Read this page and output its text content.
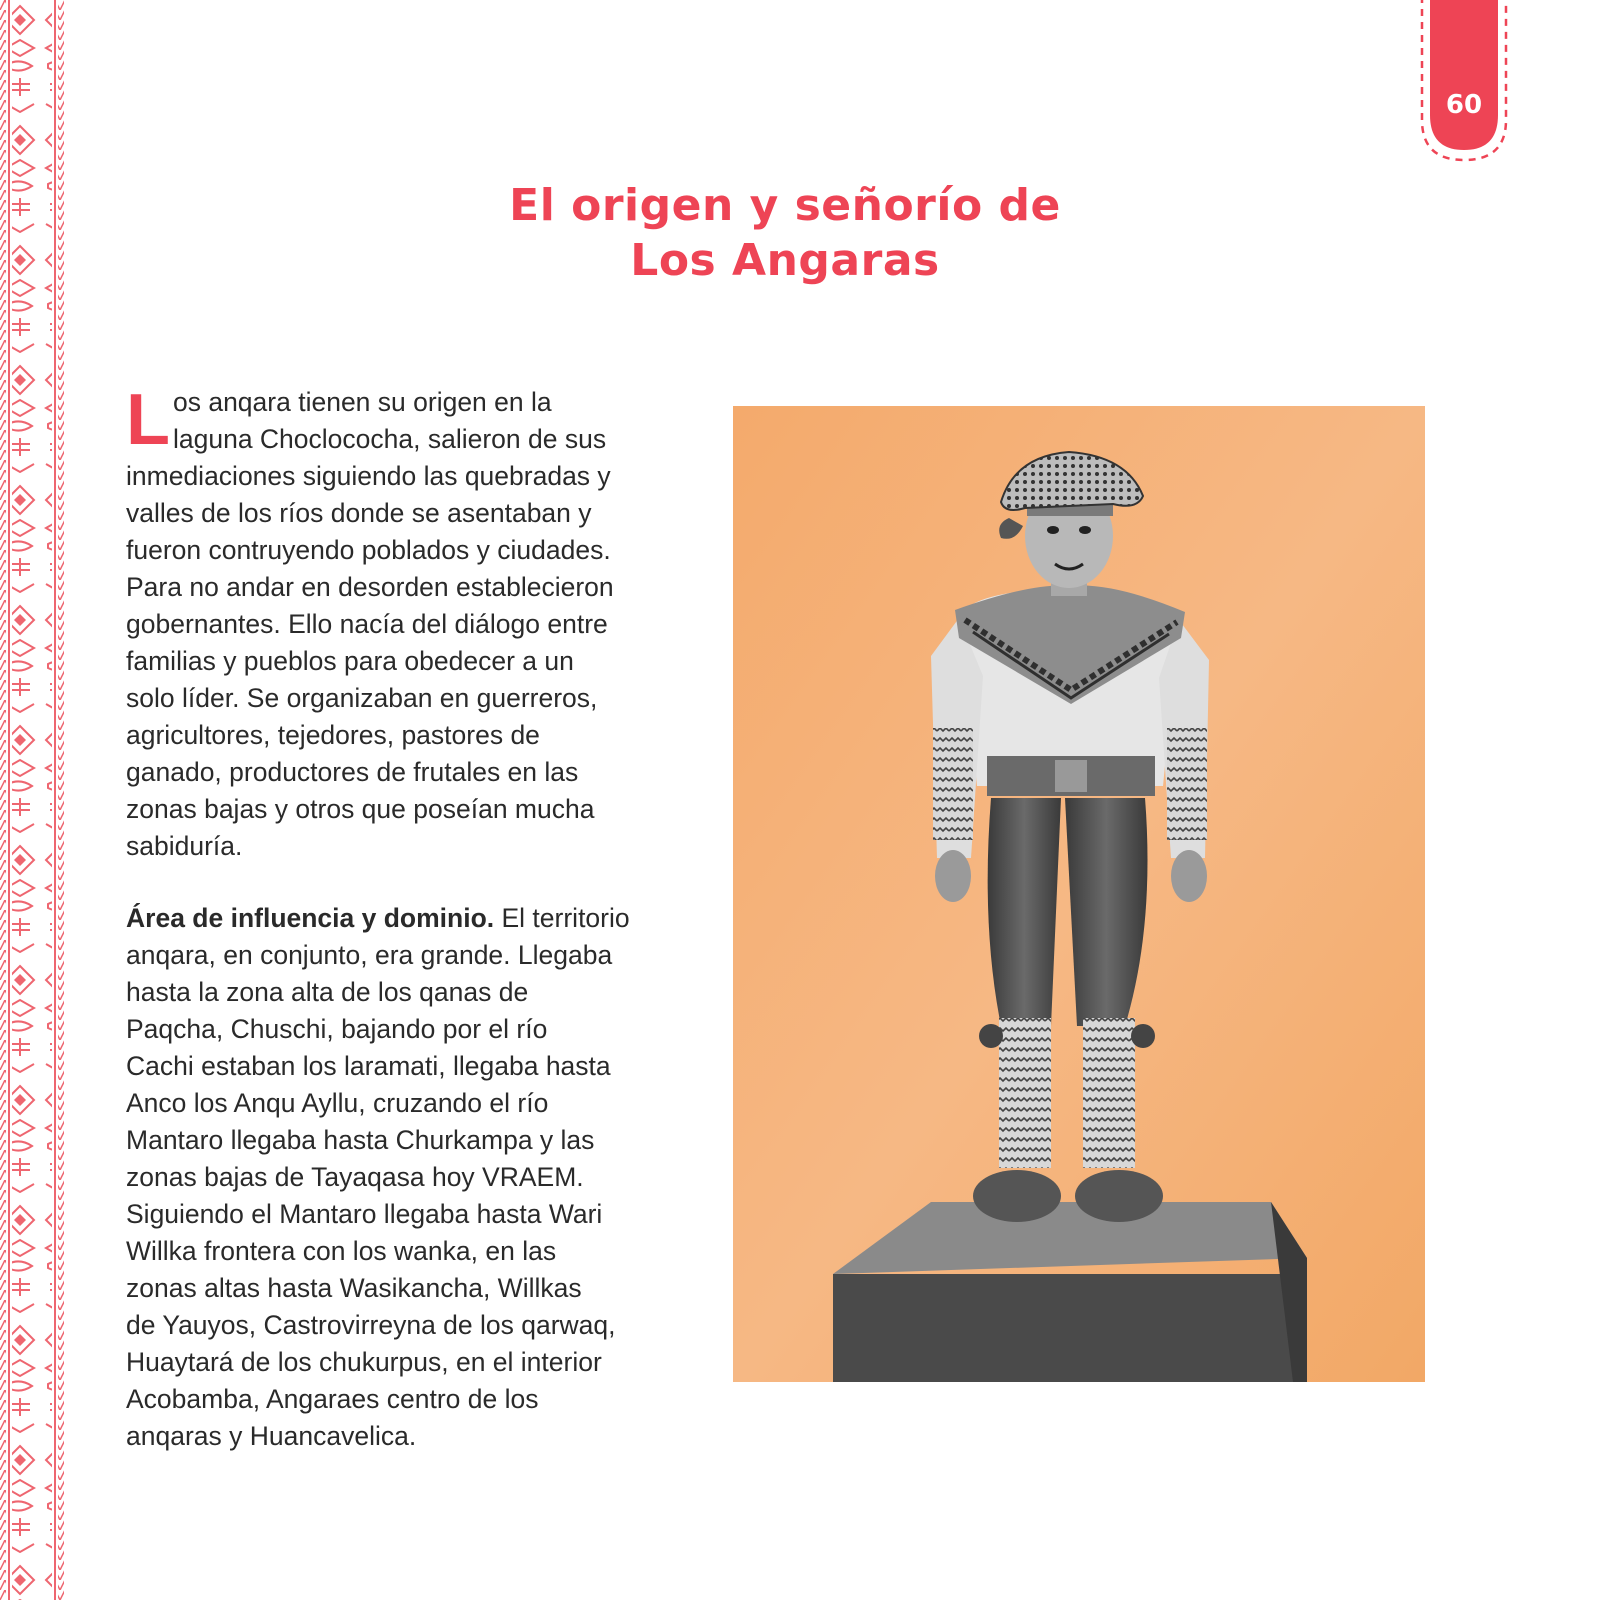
60
El origen y señorío de
Los Angaras
L os anqara tienen su origen en la
laguna Choclococha, salieron de sus
inmediaciones siguiendo las quebradas y
valles de los ríos donde se asentaban y
fueron contruyendo poblados y ciudades.
Para no andar en desorden establecieron
gobernantes. Ello nacía del diálogo entre
familias y pueblos para obedecer a un
solo líder. Se organizaban en guerreros,
agricultores, tejedores, pastores de
ganado, productores de frutales en las
zonas bajas y otros que poseían mucha
sabiduría.
Área de influencia y dominio. El territorio
anqara, en conjunto, era grande. Llegaba
hasta la zona alta de los qanas de
Paqcha, Chuschi, bajando por el río
Cachi estaban los laramati, llegaba hasta
Anco los Anqu Ayllu, cruzando el río
Mantaro llegaba hasta Churkampa y las
zonas bajas de Tayaqasa hoy VRAEM.
Siguiendo el Mantaro llegaba hasta Wari
Willka frontera con los wanka, en las
zonas altas hasta Wasikancha, Willkas
de Yauyos, Castrovirreyna de los qarwaq,
Huaytará de los chukurpus, en el interior
Acobamba, Angaraes centro de los
anqaras y Huancavelica.
